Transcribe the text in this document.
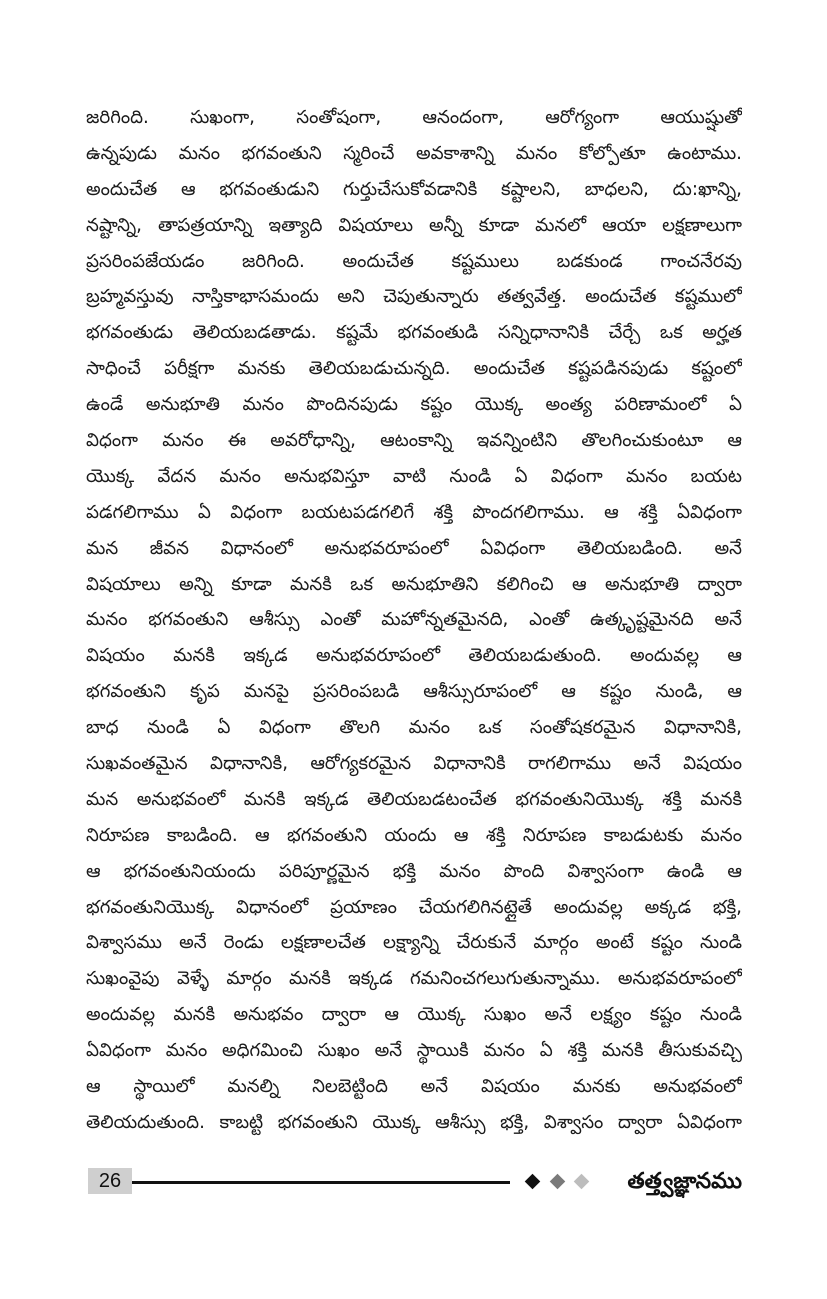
జరిగింది. సుఖంగా, సంతోషంగా, ఆనందంగా, ఆరోగ్యంగా ఆయుష్షుతో
ఉన్నపుడు మనం భగవంతుని స్మరించే అవకాశాన్ని మనం కోల్పోతూ ఉంటాము.
అందుచేత ఆ భగవంతుడుని గుర్తుచేసుకోవడానికి కష్టాలని, బాధలని, దు:ఖాన్ని,
నష్టాన్ని, తాపత్రయాన్ని ఇత్యాది విషయాలు అన్నీ కూడా మనలో ఆయా లక్షణాలుగా
ప్రసరింపజేయడం జరిగింది. అందుచేత కష్టములు బడకుండ గాంచనేరవు
బ్రహ్మవస్తువు నాస్తికాభాసమందు అని చెపుతున్నారు తత్వవేత్త. అందుచేత కష్టములో
భగవంతుడు తెలియబడతాడు. కష్టమే భగవంతుడి సన్నిధానానికి చేర్చే ఒక అర్హత
సాధించే పరీక్షగా మనకు తెలియబడుచున్నది. అందుచేత కష్టపడినపుడు కష్టంలో
ఉండే అనుభూతి మనం పొందినపుడు కష్టం యొక్క అంత్య పరిణామంలో ఏ
విధంగా మనం ఈ అవరోధాన్ని, ఆటంకాన్ని ఇవన్నింటిని తొలగించుకుంటూ ఆ
యొక్క వేదన మనం అనుభవిస్తూ వాటి నుండి ఏ విధంగా మనం బయట
పడగలిగాము ఏ విధంగా బయటపడగలిగే శక్తి పొందగలిగాము. ఆ శక్తి ఏవిధంగా
మన జీవన విధానంలో అనుభవరూపంలో ఏవిధంగా తెలియబడింది. అనే
విషయాలు అన్ని కూడా మనకి ఒక అనుభూతిని కలిగించి ఆ అనుభూతి ద్వారా
మనం భగవంతుని ఆశీస్సు ఎంతో మహోన్నతమైనది, ఎంతో ఉత్కృష్టమైనది అనే
విషయం మనకి ఇక్కడ అనుభవరూపంలో తెలియబడుతుంది. అందువల్ల ఆ
భగవంతుని కృప మనపై ప్రసరింపబడి ఆశీస్సురూపంలో ఆ కష్టం నుండి, ఆ
బాధ నుండి ఏ విధంగా తొలగి మనం ఒక సంతోషకరమైన విధానానికి,
సుఖవంతమైన విధానానికి, ఆరోగ్యకరమైన విధానానికి రాగలిగాము అనే విషయం
మన అనుభవంలో మనకి ఇక్కడ తెలియబడటంచేత భగవంతునియొక్క శక్తి మనకి
నిరూపణ కాబడింది. ఆ భగవంతుని యందు ఆ శక్తి నిరూపణ కాబడుటకు మనం
ఆ భగవంతునియందు పరిపూర్ణమైన భక్తి మనం పొంది విశ్వాసంగా ఉండి ఆ
భగవంతునియొక్క విధానంలో ప్రయాణం చేయగలిగినట్లైతే అందువల్ల అక్కడ భక్తి,
విశ్వాసము అనే రెండు లక్షణాలచేత లక్ష్యాన్ని చేరుకునే మార్గం అంటే కష్టం నుండి
సుఖంవైపు వెళ్ళే మార్గం మనకి ఇక్కడ గమనించగలుగుతున్నాము. అనుభవరూపంలో
అందువల్ల మనకి అనుభవం ద్వారా ఆ యొక్క సుఖం అనే లక్ష్యం కష్టం నుండి
ఏవిధంగా మనం అధిగమించి సుఖం అనే స్థాయికి మనం ఏ శక్తి మనకి తీసుకువచ్చి
ఆ స్థాయిలో మనల్ని నిలబెట్టింది అనే విషయం మనకు అనుభవంలో
తెలియదుతుంది. కాబట్టి భగవంతుని యొక్క ఆశీస్సు భక్తి, విశ్వాసం ద్వారా ఏవిధంగా
26	తత్త్వజ్ఞానము
